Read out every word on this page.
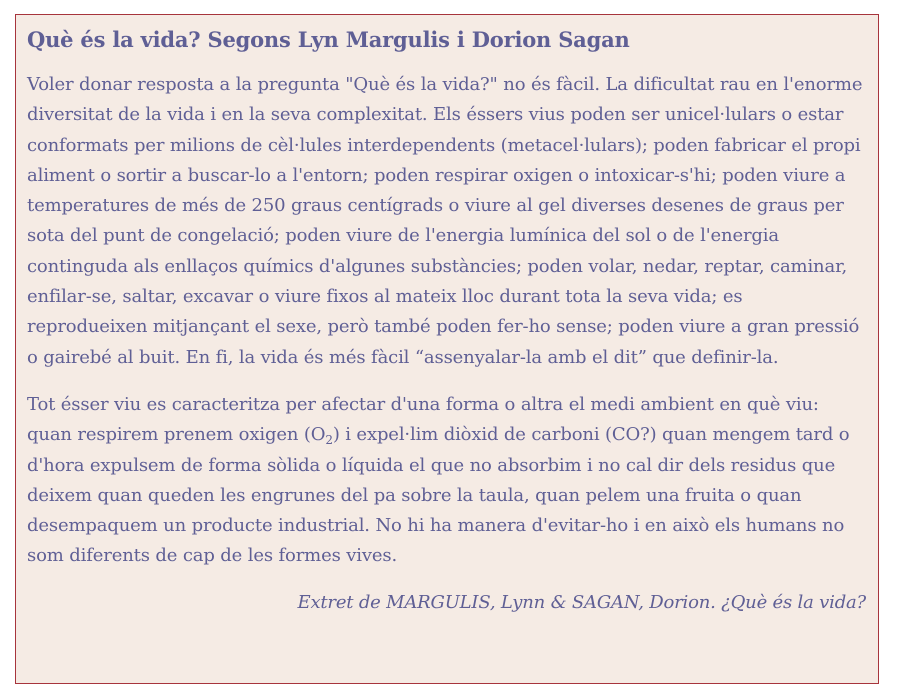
Què és la vida? Segons Lyn Margulis i Dorion Sagan

Voler donar resposta a la pregunta "Què és la vida?" no és fàcil. La dificultat rau en l'enorme diversitat de la vida i en la seva complexitat. Els éssers vius poden ser unicel·lulars o estar conformats per milions de cèl·lules interdependents (metacel·lulars); poden fabricar el propi aliment o sortir a buscar-lo a l'entorn; poden respirar oxigen o intoxicar-s'hi; poden viure a temperatures de més de 250 graus centígrads o viure al gel diverses desenes de graus per sota del punt de congelació; poden viure de l'energia lumínica del sol o de l'energia continguda als enllaços químics d'algunes substàncies; poden volar, nedar, reptar, caminar, enfilar-se, saltar, excavar o viure fixos al mateix lloc durant tota la seva vida; es reprodueixen mitjançant el sexe, però també poden fer-ho sense; poden viure a gran pressió o gairebé al buit. En fi, la vida és més fàcil “assenyalar-la amb el dit” que definir-la.

Tot ésser viu es caracteritza per afectar d'una forma o altra el medi ambient en què viu: quan respirem prenem oxigen $(O_2)$ i expel·lim diòxid de carboni (CO?) quan mengem tard o d'hora expulsem de forma sòlida o líquida el que no absorbim i no cal dir dels residus que deixem quan queden les engrunes del pa sobre la taula, quan pelem una fruita o quan desempaquem un producte industrial. No hi ha manera d'evitar-ho i en això els humans no som diferents de cap de les formes vives.

Extret de MARGULIS, Lynn & SAGAN, Dorion. ¿Què és la vida?
